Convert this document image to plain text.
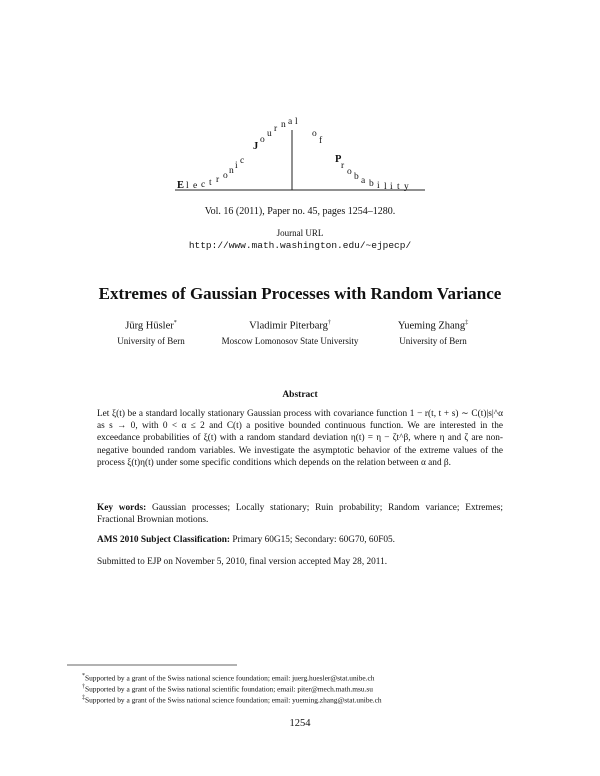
E l e c t r o n i c
J
o
u r n a l
o
f
P
r
o b a b i l i t y
Vol. 16 (2011), Paper no. 45, pages 1254–1280.
Journal URL
http://www.math.washington.edu/~ejpecp/
Extremes of Gaussian Processes with Random Variance
Jürg Hüsler*
University of Bern
Vladimir Piterbarg†
Moscow Lomonosov State University
Yueming Zhang‡
University of Bern
Abstract
Let ξ(t) be a standard locally stationary Gaussian process with covariance function 1 − r(t, t + s) ∼ C(t)|s|^α as s → 0, with 0 < α ≤ 2 and C(t) a positive bounded continuous function. We are interested in the exceedance probabilities of ξ(t) with a random standard deviation η(t) = η − ζt^β, where η and ζ are non-negative bounded random variables. We investigate the asymptotic behavior of the extreme values of the process ξ(t)η(t) under some specific conditions which depends on the relation between α and β.
Key words: Gaussian processes; Locally stationary; Ruin probability; Random variance; Extremes; Fractional Brownian motions.
AMS 2010 Subject Classification: Primary 60G15; Secondary: 60G70, 60F05.
Submitted to EJP on November 5, 2010, final version accepted May 28, 2011.
*Supported by a grant of the Swiss national science foundation; email: juerg.huesler@stat.unibe.ch
†Supported by a grant of the Swiss national scientific foundation; email: piter@mech.math.msu.su
‡Supported by a grant of the Swiss national science foundation; email: yueming.zhang@stat.unibe.ch
1254
